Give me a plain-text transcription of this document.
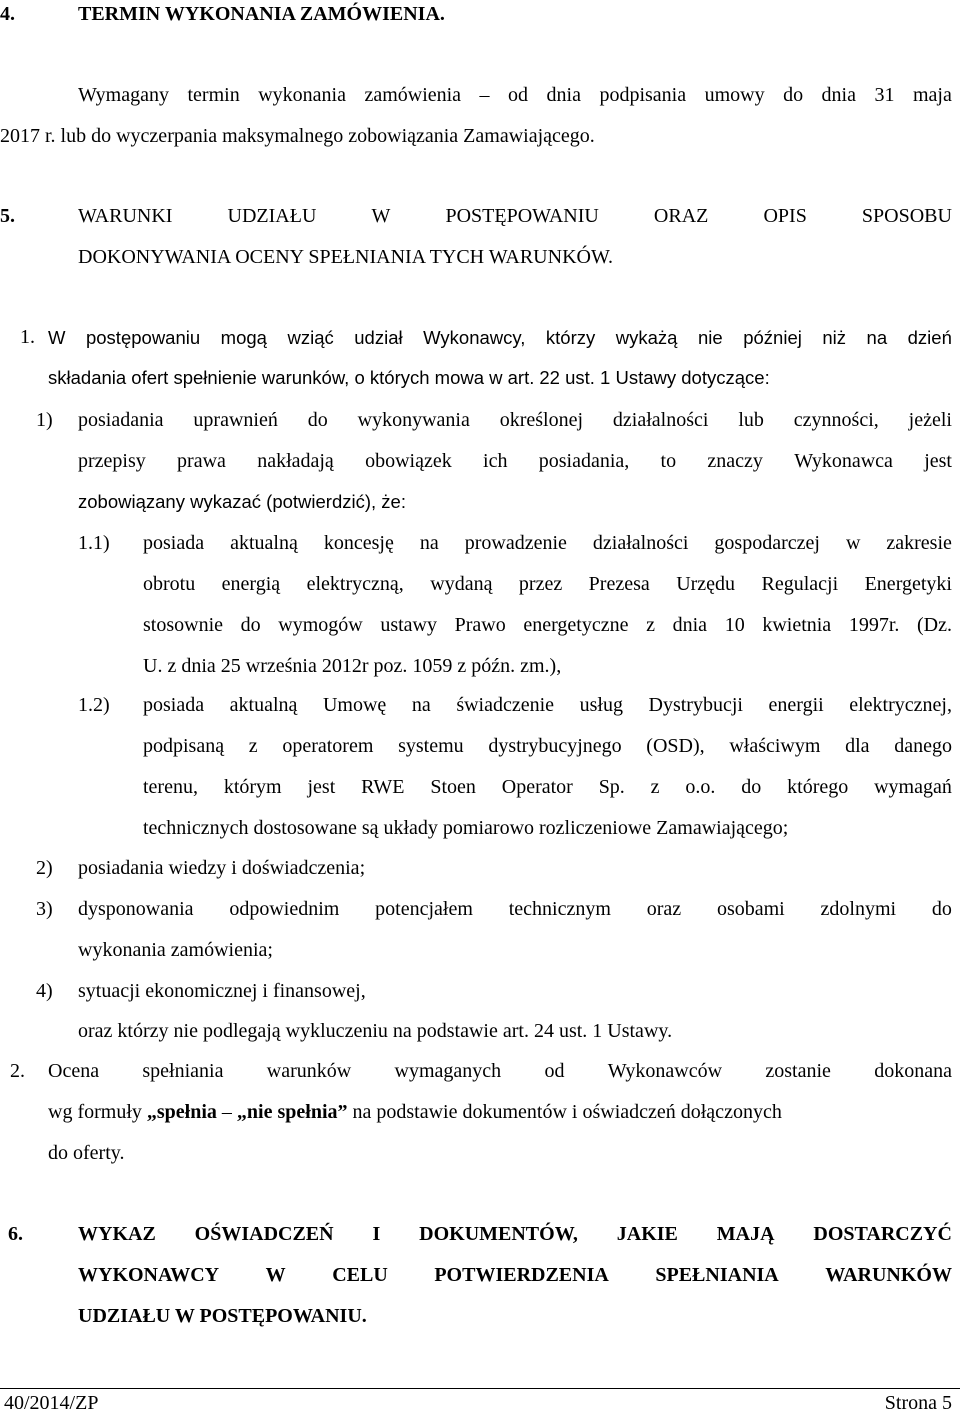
4.	TERMIN WYKONANIA ZAMÓWIENIA.
Wymagany termin wykonania zamówienia – od dnia podpisania umowy do dnia 31 maja
2017 r. lub do wyczerpania maksymalnego zobowiązania Zamawiającego.
5.	WARUNKI	UDZIAŁU	W	POSTĘPOWANIU	ORAZ	OPIS	SPOSOBU
DOKONYWANIA OCENY SPEŁNIANIA TYCH WARUNKÓW.
1. W postępowaniu mogą wziąć udział Wykonawcy, którzy wykażą nie później niż na dzień
składania ofert spełnienie warunków, o których mowa w art. 22 ust. 1 Ustawy dotyczące:
1) posiadania uprawnień do wykonywania określonej działalności lub czynności, jeżeli
przepisy prawa nakładają obowiązek ich posiadania, to znaczy Wykonawca jest
zobowiązany wykazać (potwierdzić), że:
1.1) posiada aktualną koncesję na prowadzenie działalności gospodarczej w zakresie
obrotu energią elektryczną, wydaną przez Prezesa Urzędu Regulacji Energetyki
stosownie do wymogów ustawy Prawo energetyczne z dnia 10 kwietnia 1997r. (Dz.
U. z dnia 25 września 2012r poz. 1059 z późn. zm.),
1.2) posiada aktualną Umowę na świadczenie usług Dystrybucji energii elektrycznej,
podpisaną z operatorem systemu dystrybucyjnego (OSD), właściwym dla danego
terenu, którym jest RWE Stoen Operator Sp. z o.o. do którego wymagań
technicznych dostosowane są układy pomiarowo rozliczeniowe Zamawiającego;
2) posiadania wiedzy i doświadczenia;
3) dysponowania odpowiednim potencjałem technicznym oraz osobami zdolnymi do
wykonania zamówienia;
4) sytuacji ekonomicznej i finansowej,
oraz którzy nie podlegają wykluczeniu na podstawie art. 24 ust. 1 Ustawy.
2. Ocena spełniania warunków wymaganych od Wykonawców zostanie dokonana
wg formuły „spełnia – „nie spełnia” na podstawie dokumentów i oświadczeń dołączonych
do oferty.
6.	WYKAZ OŚWIADCZEŃ I DOKUMENTÓW, JAKIE MAJĄ DOSTARCZYĆ
WYKONAWCY W CELU POTWIERDZENIA SPEŁNIANIA WARUNKÓW
UDZIAŁU W POSTĘPOWANIU.
40/2014/ZP	Strona 5
